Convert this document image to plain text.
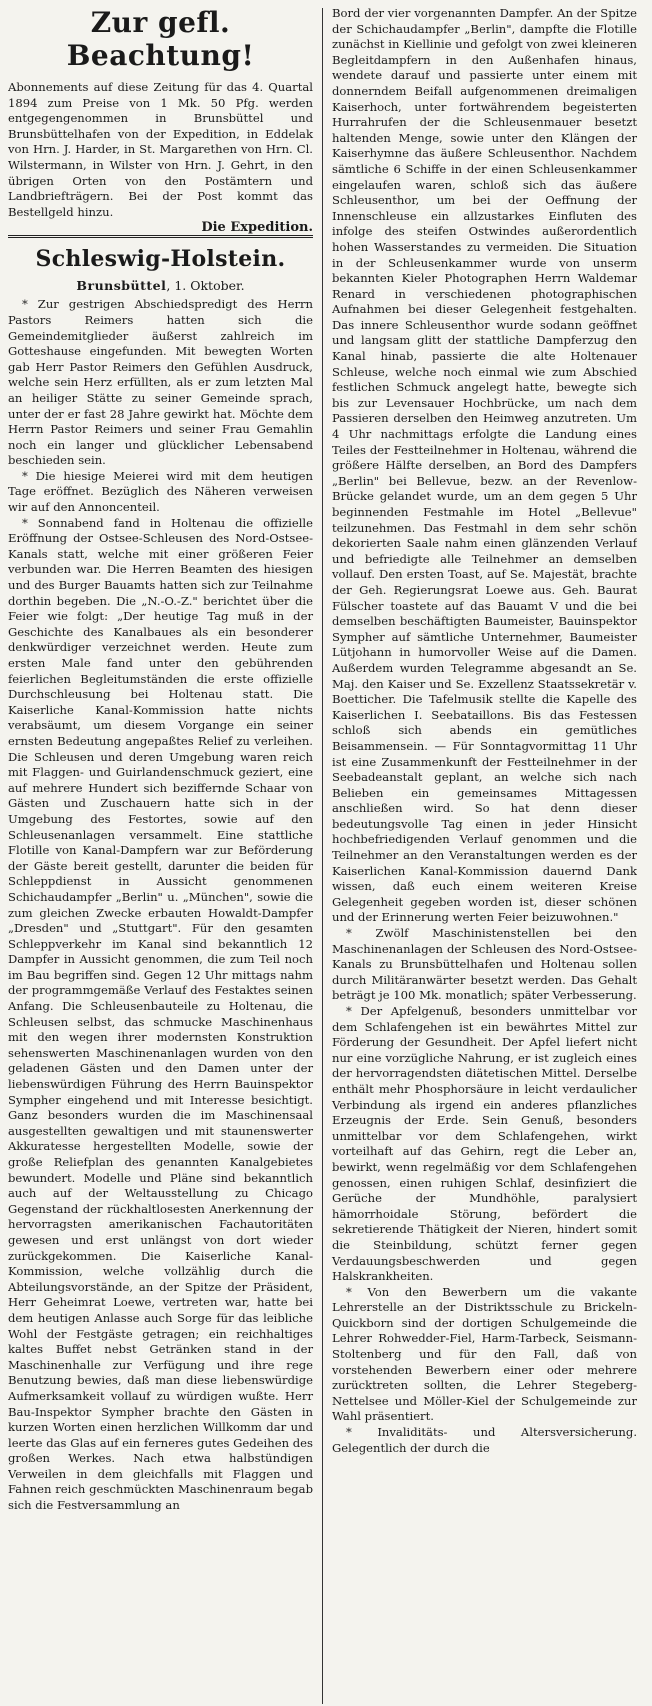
Zur gefl. Beachtung!

Abonnements auf diese Zeitung für das 4. Quartal 1894 zum Preise von 1 Mk. 50 Pfg. werden entgegengenommen in Brunsbüttel und Brunsbüttelhafen von der Expedition, in Eddelak von Hrn. J. Harder, in St. Margarethen von Hrn. Cl. Wilstermann, in Wilster von Hrn. J. Gehrt, in den übrigen Orten von den Postämtern und Landbriefträgern. Bei der Post kommt das Bestellgeld hinzu.

Die Expedition.
Schleswig-Holstein.
Brunsbüttel, 1. Oktober.

* Zur gestrigen Abschiedspredigt des Herrn Pastors Reimers hatten sich die Gemeindemitglieder äußerst zahlreich im Gotteshause eingefunden. Mit bewegten Worten gab Herr Pastor Reimers den Gefühlen Ausdruck, welche sein Herz erfüllten, als er zum letzten Mal an heiliger Stätte zu seiner Gemeinde sprach, unter der er fast 28 Jahre gewirkt hat. Möchte dem Herrn Pastor Reimers und seiner Frau Gemahlin noch ein langer und glücklicher Lebensabend beschieden sein.

* Die hiesige Meierei wird mit dem heutigen Tage eröffnet. Bezüglich des Näheren verweisen wir auf den Annoncenteil.

* Sonnabend fand in Holtenau die offizielle Eröffnung der Ostsee-Schleusen des Nord-Ostsee-Kanals statt, welche mit einer größeren Feier verbunden war. Die Herren Beamten des hiesigen und des Burger Bauamts hatten sich zur Teilnahme dorthin begeben. Die „N.-O.-Z." berichtet über die Feier wie folgt: „Der heutige Tag muß in der Geschichte des Kanalbaues als ein besonderer denkwürdiger verzeichnet werden. Heute zum ersten Male fand unter den gebührenden feierlichen Begleitumständen die erste offizielle Durchschleusung bei Holtenau statt. Die Kaiserliche Kanal-Kommission hatte nichts verabsäumt, um diesem Vorgange ein seiner ernsten Bedeutung angepaßtes Relief zu verleihen. Die Schleusen und deren Umgebung waren reich mit Flaggen- und Guirlandenschmuck geziert, eine auf mehrere Hundert sich beziffernde Schaar von Gästen und Zuschauern hatte sich in der Umgebung des Festortes, sowie auf den Schleusenanlagen versammelt. Eine stattliche Flotille von Kanal-Dampfern war zur Beförderung der Gäste bereit gestellt, darunter die beiden für Schleppdienst in Aussicht genommenen Schichaudampfer „Berlin" u. „München", sowie die zum gleichen Zwecke erbauten Howaldt-Dampfer „Dresden" und „Stuttgart". Für den gesamten Schleppverkehr im Kanal sind bekanntlich 12 Dampfer in Aussicht genommen, die zum Teil noch im Bau begriffen sind. Gegen 12 Uhr mittags nahm der programmgemäße Verlauf des Festaktes seinen Anfang. Die Schleusenbauteile zu Holtenau, die Schleusen selbst, das schmucke Maschinenhaus mit den wegen ihrer modernsten Konstruktion sehenswerten Maschinenanlagen wurden von den geladenen Gästen und den Damen unter der liebenswürdigen Führung des Herrn Bauinspektor Sympher eingehend und mit Interesse besichtigt. Ganz besonders wurden die im Maschinensaal ausgestellten gewaltigen und mit staunenswerter Akkuratesse hergestellten Modelle, sowie der große Reliefplan des genannten Kanalgebietes bewundert. Modelle und Pläne sind bekanntlich auch auf der Weltausstellung zu Chicago Gegenstand der rückhaltlosesten Anerkennung der hervorragsten amerikanischen Fachautoritäten gewesen und erst unlängst von dort wieder zurückgekommen. Die Kaiserliche Kanal-Kommission, welche vollzählig durch die Abteilungsvorstände, an der Spitze der Präsident, Herr Geheimrat Loewe, vertreten war, hatte bei dem heutigen Anlasse auch Sorge für das leibliche Wohl der Festgäste getragen; ein reichhaltiges kaltes Buffet nebst Getränken stand in der Maschinenhalle zur Verfügung und ihre rege Benutzung bewies, daß man diese liebenswürdige Aufmerksamkeit vollauf zu würdigen wußte. Herr Bau-Inspektor Sympher brachte den Gästen in kurzen Worten einen herzlichen Willkomm dar und leerte das Glas auf ein ferneres gutes Gedeihen des großen Werkes. Nach etwa halbstündigen Verweilen in dem gleichfalls mit Flaggen und Fahnen reich geschmückten Maschinenraum begab sich die Festversammlung an

Bord der vier vorgenannten Dampfer. An der Spitze der Schichaudampfer „Berlin", dampfte die Flotille zunächst in Kiellinie und gefolgt von zwei kleineren Begleitdampfern in den Außenhafen hinaus, wendete darauf und passierte unter einem mit donnerndem Beifall aufgenommenen dreimaligen Kaiserhoch, unter fortwährendem begeisterten Hurrahrufen der die Schleusenmauer besetzt haltenden Menge, sowie unter den Klängen der Kaiserhymne das äußere Schleusenthor. Nachdem sämtliche 6 Schiffe in der einen Schleusenkammer eingelaufen waren, schloß sich das äußere Schleusenthor, um bei der Oeffnung der Innenschleuse ein allzustarkes Einfluten des infolge des steifen Ostwindes außerordentlich hohen Wasserstandes zu vermeiden. Die Situation in der Schleusenkammer wurde von unserm bekannten Kieler Photographen Herrn Waldemar Renard in verschiedenen photographischen Aufnahmen bei dieser Gelegenheit festgehalten. Das innere Schleusenthor wurde sodann geöffnet und langsam glitt der stattliche Dampferzug den Kanal hinab, passierte die alte Holtenauer Schleuse, welche noch einmal wie zum Abschied festlichen Schmuck angelegt hatte, bewegte sich bis zur Levensauer Hochbrücke, um nach dem Passieren derselben den Heimweg anzutreten. Um 4 Uhr nachmittags erfolgte die Landung eines Teiles der Festteilnehmer in Holtenau, während die größere Hälfte derselben, an Bord des Dampfers „Berlin" bei Bellevue, bezw. an der Revenlow-Brücke gelandet wurde, um an dem gegen 5 Uhr beginnenden Festmahle im Hotel „Bellevue" teilzunehmen. Das Festmahl in dem sehr schön dekorierten Saale nahm einen glänzenden Verlauf und befriedigte alle Teilnehmer an demselben vollauf. Den ersten Toast, auf Se. Majestät, brachte der Geh. Regierungsrat Loewe aus. Geh. Baurat Fülscher toastete auf das Bauamt V und die bei demselben beschäftigten Baumeister, Bauinspektor Sympher auf sämtliche Unternehmer, Baumeister Lütjohann in humorvoller Weise auf die Damen. Außerdem wurden Telegramme abgesandt an Se. Maj. den Kaiser und Se. Exzellenz Staatssekretär v. Boetticher. Die Tafelmusik stellte die Kapelle des Kaiserlichen I. Seebataillons. Bis das Festessen schloß sich abends ein gemütliches Beisammensein. — Für Sonntagvormittag 11 Uhr ist eine Zusammenkunft der Festteilnehmer in der Seebadeanstalt geplant, an welche sich nach Belieben ein gemeinsames Mittagessen anschließen wird. So hat denn dieser bedeutungsvolle Tag einen in jeder Hinsicht hochbefriedigenden Verlauf genommen und die Teilnehmer an den Veranstaltungen werden es der Kaiserlichen Kanal-Kommission dauernd Dank wissen, daß euch einem weiteren Kreise Gelegenheit gegeben worden ist, dieser schönen und der Erinnerung werten Feier beizuwohnen."

* Zwölf Maschinistenstellen bei den Maschinenanlagen der Schleusen des Nord-Ostsee-Kanals zu Brunsbüttelhafen und Holtenau sollen durch Militäranwärter besetzt werden. Das Gehalt beträgt je 100 Mk. monatlich; später Verbesserung.

* Der Apfelgenuß, besonders unmittelbar vor dem Schlafengehen ist ein bewährtes Mittel zur Förderung der Gesundheit. Der Apfel liefert nicht nur eine vorzügliche Nahrung, er ist zugleich eines der hervorragendsten diätetischen Mittel. Derselbe enthält mehr Phosphorsäure in leicht verdaulicher Verbindung als irgend ein anderes pflanzliches Erzeugnis der Erde. Sein Genuß, besonders unmittelbar vor dem Schlafengehen, wirkt vorteilhaft auf das Gehirn, regt die Leber an, bewirkt, wenn regelmäßig vor dem Schlafengehen genossen, einen ruhigen Schlaf, desinfiziert die Gerüche der Mundhöhle, paralysiert hämorrhoidale Störung, befördert die sekretierende Thätigkeit der Nieren, hindert somit die Steinbildung, schützt ferner gegen Verdauungsbeschwerden und gegen Halskrankheiten.

* Von den Bewerbern um die vakante Lehrerstelle an der Distriktsschule zu Brickeln-Quickborn sind der dortigen Schulgemeinde die Lehrer Rohwedder-Fiel, Harm-Tarbeck, Seismann-Stoltenberg und für den Fall, daß von vorstehenden Bewerbern einer oder mehrere zurücktreten sollten, die Lehrer Stegeberg-Nettelsee und Möller-Kiel der Schulgemeinde zur Wahl präsentiert.

* Invaliditäts- und Altersversicherung. Gelegentlich der durch die
